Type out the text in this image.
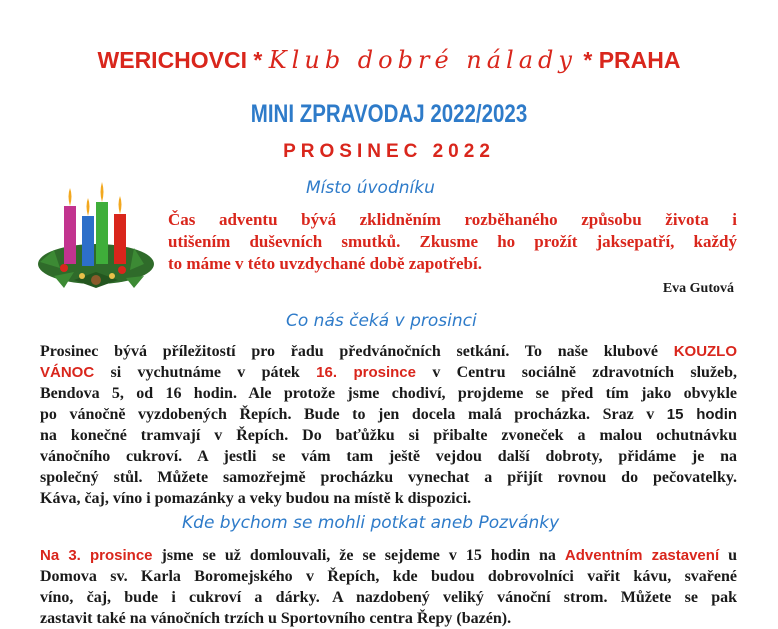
WERICHOVCI * Klub dobré nálady * PRAHA
MINI ZPRAVODAJ 2022/2023
PROSINEC 2022
Místo úvodníku
Čas adventu bývá zklidněním rozběhaného způsobu života i
utišením duševních smutků. Zkusme ho prožít jaksepatří, každý
to máme v této uvzdychané době zapotřebí.
Eva Gutová
Co nás čeká v prosinci
Prosinec bývá příležitostí pro řadu předvánočních setkání. To naše klubové KOUZLO
VÁNOC si vychutnáme v pátek 16. prosince v Centru sociálně zdravotních služeb,
Bendova 5, od 16 hodin. Ale protože jsme chodiví, projdeme se před tím jako obvykle
po vánočně vyzdobených Řepích. Bude to jen docela malá procházka. Sraz v 15 hodin
na konečné tramvají v Řepích. Do baťůžku si přibalte zvoneček a malou ochutnávku
vánočního cukroví. A jestli se vám tam ještě vejdou další dobroty, přidáme je na
společný stůl. Můžete samozřejmě procházku vynechat a přijít rovnou do pečovatelky.
Káva, čaj, víno i pomazánky a veky budou na místě k dispozici.
Kde bychom se mohli potkat aneb Pozvánky
Na 3. prosince jsme se už domlouvali, že se sejdeme v 15 hodin na Adventním zastavení u
Domova sv. Karla Boromejského v Řepích, kde budou dobrovolníci vařit kávu, svařené
víno, čaj, bude i cukroví a dárky. A nazdobený veliký vánoční strom. Můžete se pak
zastavit také na vánočních trzích u Sportovního centra Řepy (bazén).
